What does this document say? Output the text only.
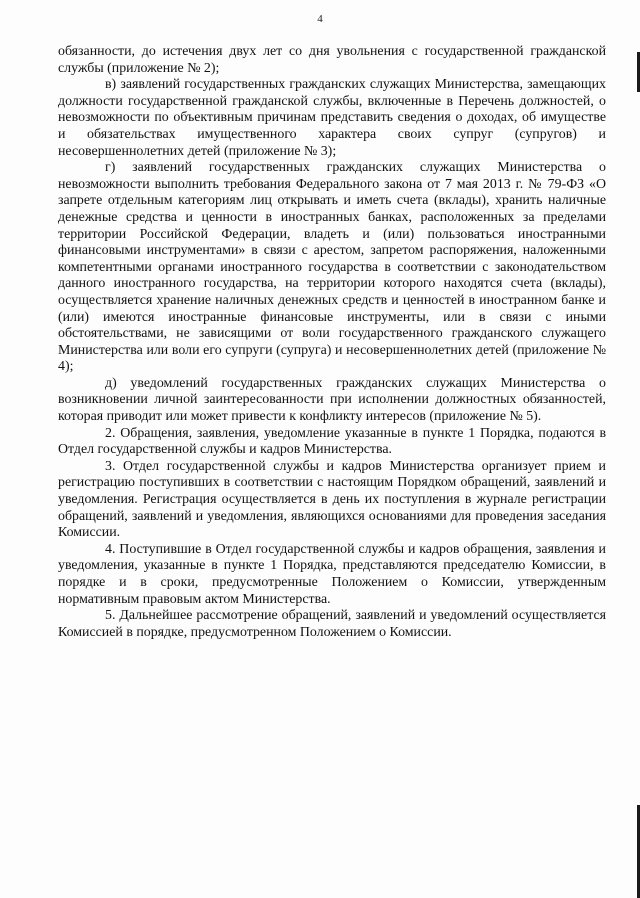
4

обязанности, до истечения двух лет со дня увольнения с государственной гражданской службы (приложение № 2);

в) заявлений государственных гражданских служащих Министерства, замещающих должности государственной гражданской службы, включенные в Перечень должностей, о невозможности по объективным причинам представить сведения о доходах, об имуществе и обязательствах имущественного характера своих супруг (супругов) и несовершеннолетних детей (приложение № 3);

г) заявлений государственных гражданских служащих Министерства о невозможности выполнить требования Федерального закона от 7 мая 2013 г. № 79-ФЗ «О запрете отдельным категориям лиц открывать и иметь счета (вклады), хранить наличные денежные средства и ценности в иностранных банках, расположенных за пределами территории Российской Федерации, владеть и (или) пользоваться иностранными финансовыми инструментами» в связи с арестом, запретом распоряжения, наложенными компетентными органами иностранного государства в соответствии с законодательством данного иностранного государства, на территории которого находятся счета (вклады), осуществляется хранение наличных денежных средств и ценностей в иностранном банке и (или) имеются иностранные финансовые инструменты, или в связи с иными обстоятельствами, не зависящими от воли государственного гражданского служащего Министерства или воли его супруги (супруга) и несовершеннолетних детей (приложение № 4);

д) уведомлений государственных гражданских служащих Министерства о возникновении личной заинтересованности при исполнении должностных обязанностей, которая приводит или может привести к конфликту интересов (приложение № 5).

2. Обращения, заявления, уведомление указанные в пункте 1 Порядка, подаются в Отдел государственной службы и кадров Министерства.

3. Отдел государственной службы и кадров Министерства организует прием и регистрацию поступивших в соответствии с настоящим Порядком обращений, заявлений и уведомления. Регистрация осуществляется в день их поступления в журнале регистрации обращений, заявлений и уведомления, являющихся основаниями для проведения заседания Комиссии.

4. Поступившие в Отдел государственной службы и кадров обращения, заявления и уведомления, указанные в пункте 1 Порядка, представляются председателю Комиссии, в порядке и в сроки, предусмотренные Положением о Комиссии, утвержденным нормативным правовым актом Министерства.

5. Дальнейшее рассмотрение обращений, заявлений и уведомлений осуществляется Комиссией в порядке, предусмотренном Положением о Комиссии.
